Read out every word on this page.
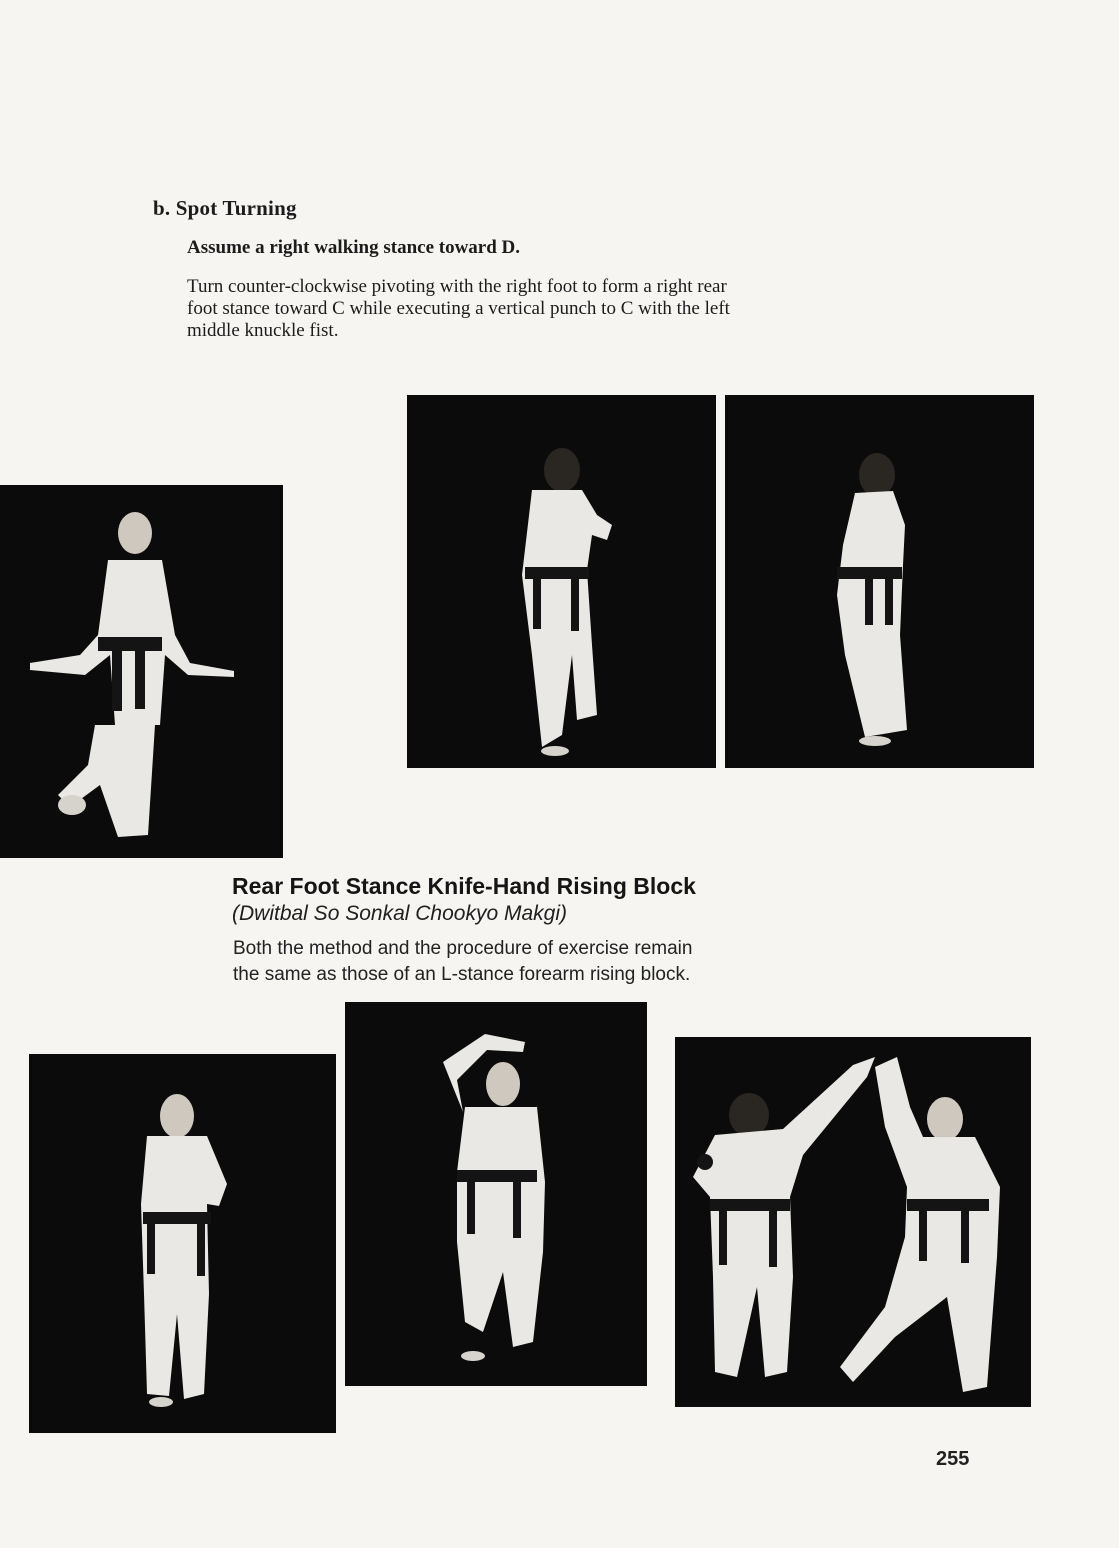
b. Spot Turning
Assume a right walking stance toward D.
Turn counter-clockwise pivoting with the right foot to form a right rear
foot stance toward C while executing a vertical punch to C with the left
middle knuckle fist.
Rear Foot Stance Knife-Hand Rising Block
(Dwitbal So Sonkal Chookyo Makgi)
Both the method and the procedure of exercise remain
the same as those of an L-stance forearm rising block.
255
